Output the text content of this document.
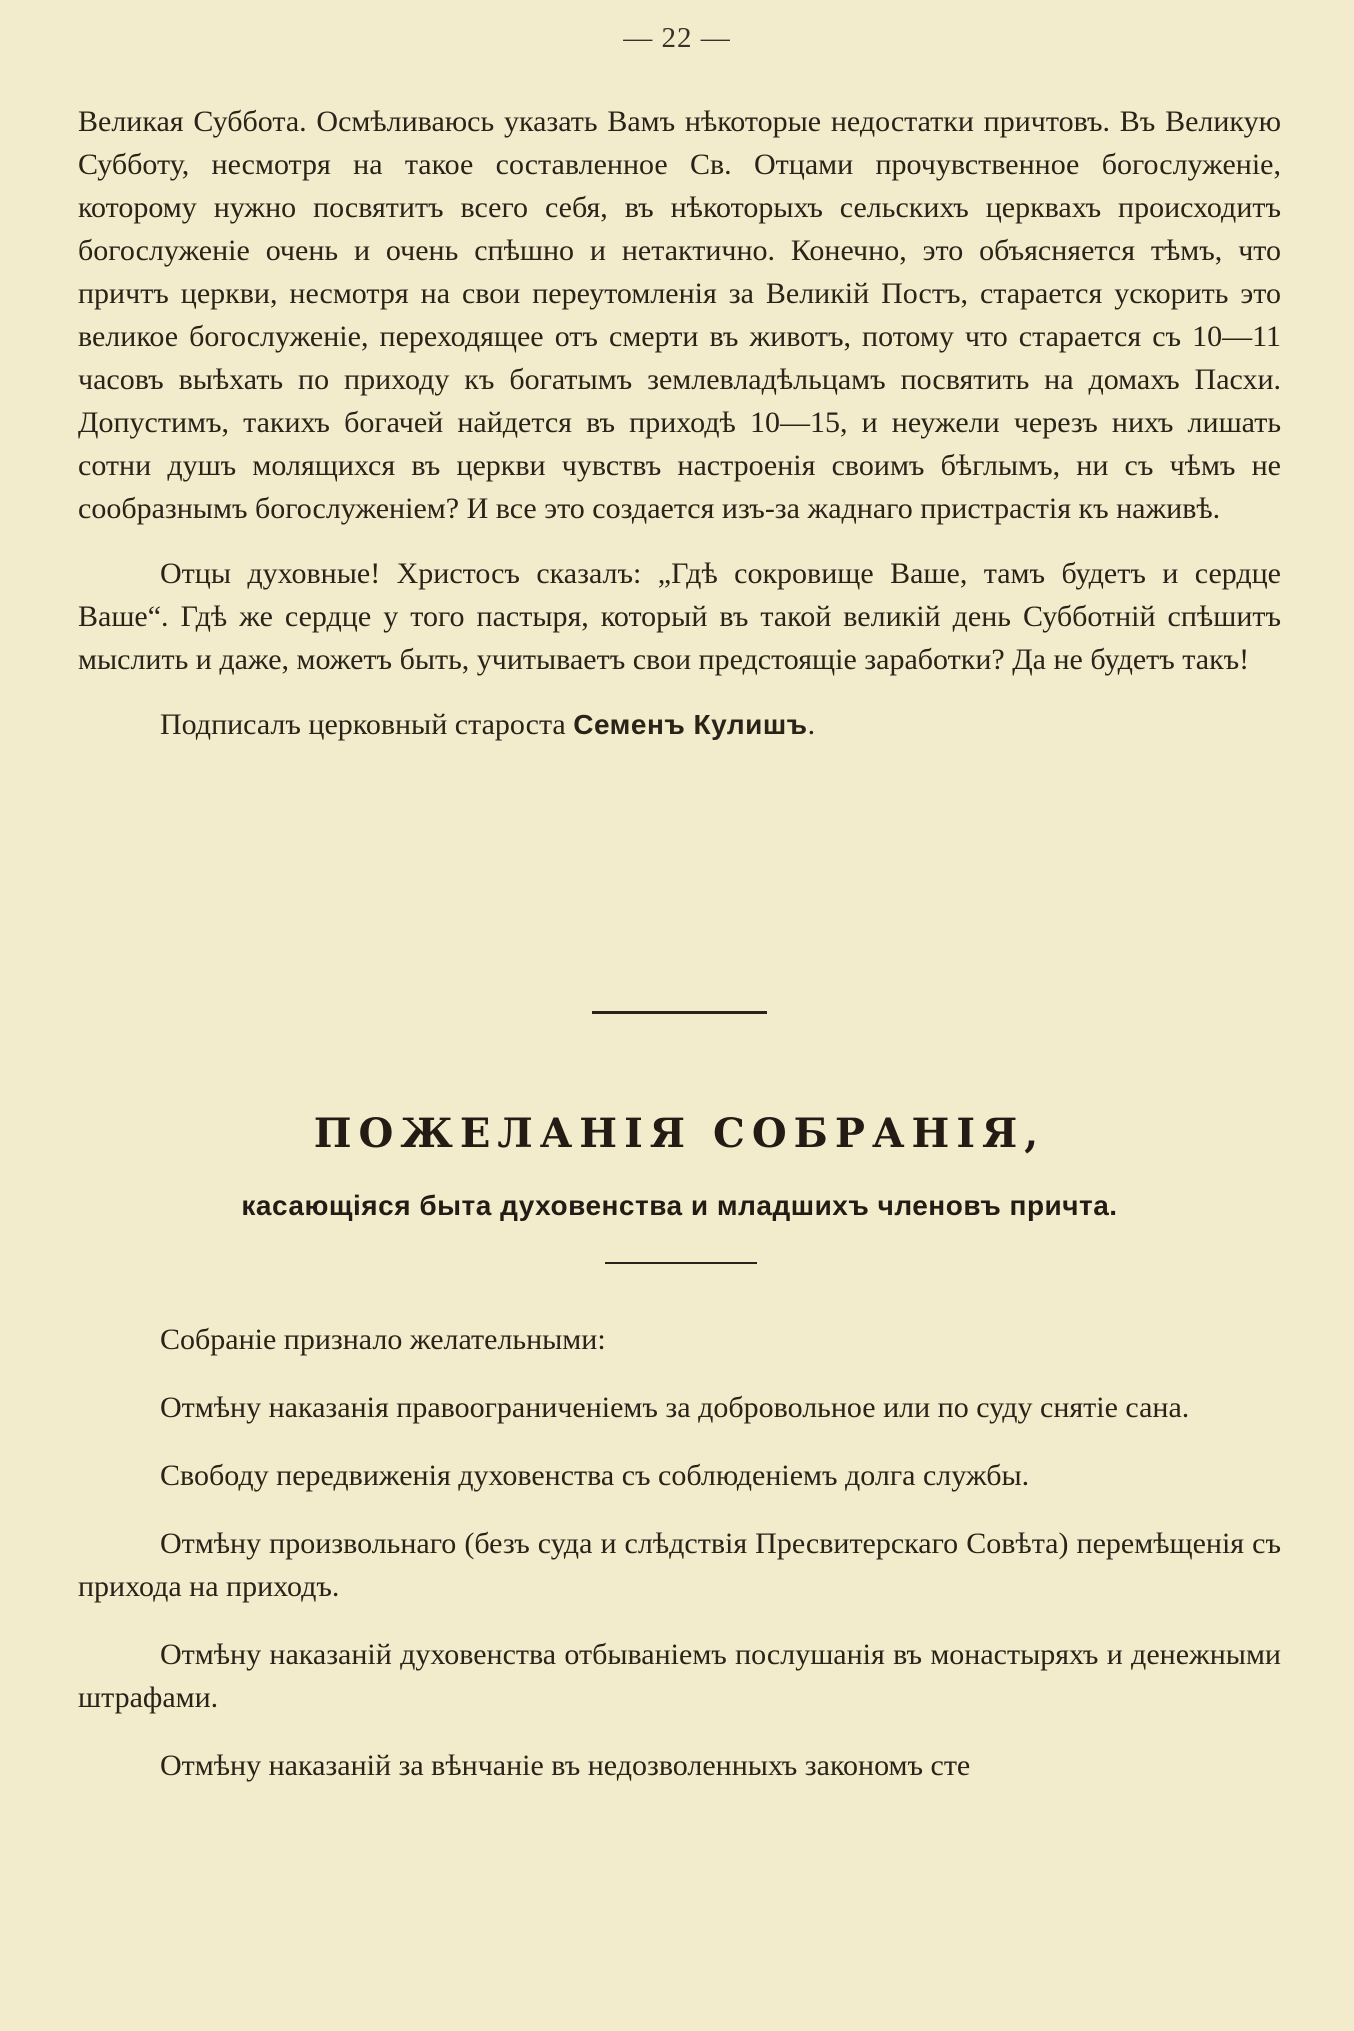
— 22 —

Великая Суббота. Осмѣливаюсь указать Вамъ нѣкоторые недостатки причтовъ. Въ Великую Субботу, несмотря на такое составленное Св. Отцами прочувственное богослуженіе, которому нужно посвятитъ всего себя, въ нѣкоторыхъ сельскихъ церквахъ происходитъ богослуженіе очень и очень спѣшно и нетактично. Конечно, это объясняется тѣмъ, что причтъ церкви, несмотря на свои переутомленія за Великій Постъ, старается ускорить это великое богослуженіе, переходящее отъ смерти въ животъ, потому что старается съ 10—11 часовъ выѣхать по приходу къ богатымъ землевладѣльцамъ посвятить на домахъ Пасхи. Допустимъ, такихъ богачей найдется въ приходѣ 10—15, и неужели черезъ нихъ лишать сотни душъ молящихся въ церкви чувствъ настроенія своимъ бѣглымъ, ни съ чѣмъ не сообразнымъ богослуженіем? И все это создается изъ-за жаднаго пристрастія къ наживѣ.

Отцы духовные! Христосъ сказалъ: „Гдѣ сокровище Ваше, тамъ будетъ и сердце Ваше“. Гдѣ же сердце у того пастыря, который въ такой великій день Субботній спѣшитъ мыслить и даже, можетъ быть, учитываетъ свои предстоящіе заработки? Да не будетъ такъ!

Подписалъ церковный староста Семенъ Кулишъ.

ПОЖЕЛАНІЯ СОБРАНІЯ,
касающіяся быта духовенства и младшихъ членовъ причта.

Собраніе признало желательными:

Отмѣну наказанія правоограниченіемъ за добровольное или по суду снятіе сана.

Свободу передвиженія духовенства съ соблюденіемъ долга службы.

Отмѣну произвольнаго (безъ суда и слѣдствія Пресвитерскаго Совѣта) перемѣщенія съ прихода на приходъ.

Отмѣну наказаній духовенства отбываніемъ послушанія въ монастыряхъ и денежными штрафами.

Отмѣну наказаній за вѣнчаніе въ недозволенныхъ закономъ сте
